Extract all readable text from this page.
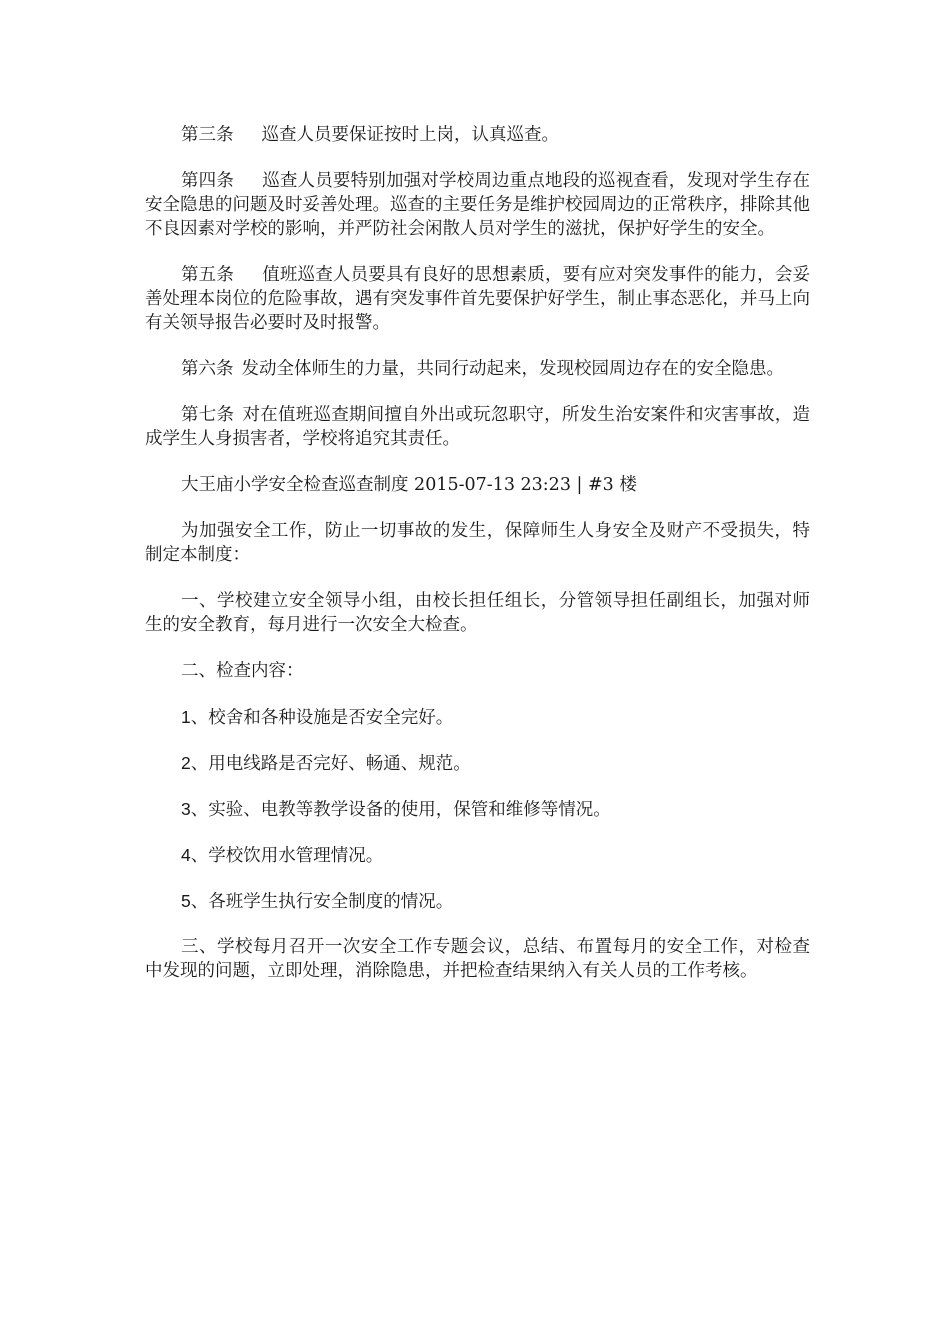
第三条 巡查人员要保证按时上岗，认真巡查。

第四条 巡查人员要特别加强对学校周边重点地段的巡视查看，发现对学生存在安全隐患的问题及时妥善处理。巡查的主要任务是维护校园周边的正常秩序，排除其他不良因素对学校的影响，并严防社会闲散人员对学生的滋扰，保护好学生的安全。

第五条 值班巡查人员要具有良好的思想素质，要有应对突发事件的能力，会妥善处理本岗位的危险事故，遇有突发事件首先要保护好学生，制止事态恶化，并马上向有关领导报告必要时及时报警。

第六条 发动全体师生的力量，共同行动起来，发现校园周边存在的安全隐患。

第七条 对在值班巡查期间擅自外出或玩忽职守，所发生治安案件和灾害事故，造成学生人身损害者，学校将追究其责任。

大王庙小学安全检查巡查制度 2015-07-13 23:23 | #3 楼

为加强安全工作，防止一切事故的发生，保障师生人身安全及财产不受损失，特制定本制度：

一、学校建立安全领导小组，由校长担任组长，分管领导担任副组长，加强对师生的安全教育，每月进行一次安全大检查。

二、检查内容：

1、校舍和各种设施是否安全完好。

2、用电线路是否完好、畅通、规范。

3、实验、电教等教学设备的使用，保管和维修等情况。

4、学校饮用水管理情况。

5、各班学生执行安全制度的情况。

三、学校每月召开一次安全工作专题会议，总结、布置每月的安全工作，对检查中发现的问题，立即处理，消除隐患，并把检查结果纳入有关人员的工作考核。
